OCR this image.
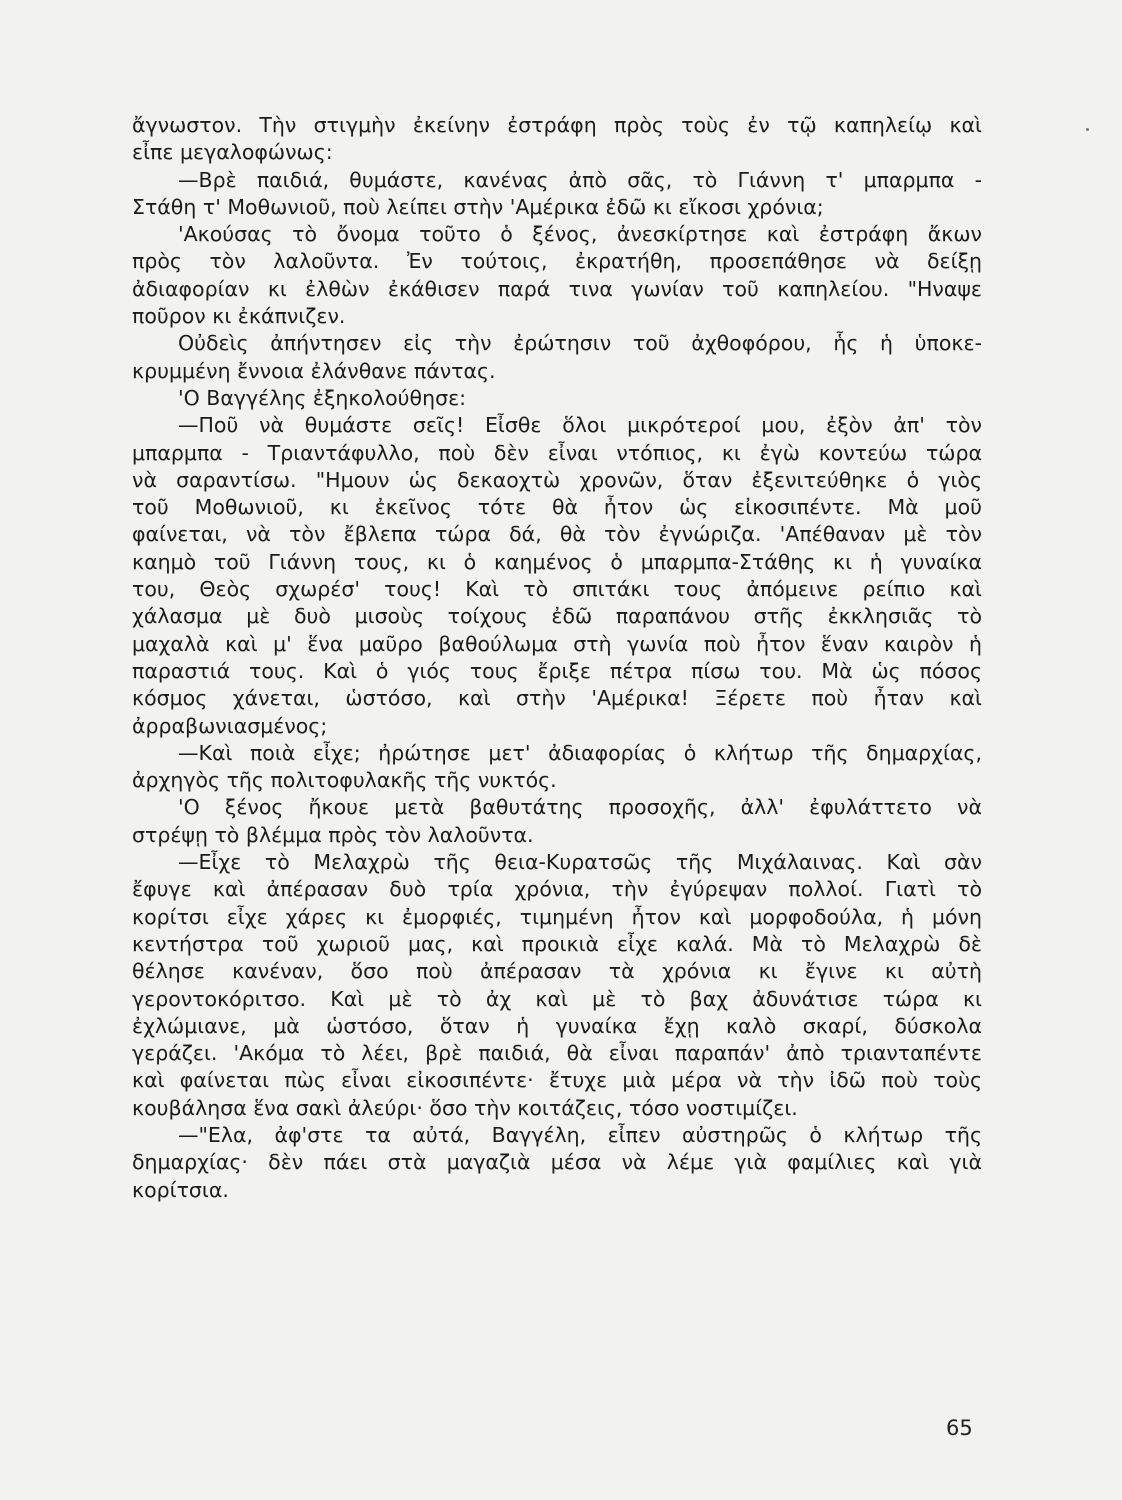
ἄγνωστον. Τὴν στιγμὴν ἐκείνην ἐστράφη πρὸς τοὺς ἐν τῷ καπηλείῳ καὶ
εἶπε μεγαλοφώνως:
—Βρὲ παιδιά, θυμάστε, κανένας ἀπὸ σᾶς, τὸ Γιάννη τ' μπαρμπα -
Στάθη τ' Μοθωνιοῦ, ποὺ λείπει στὴν 'Αμέρικα ἐδῶ κι εἴκοσι χρόνια;
'Ακούσας τὸ ὄνομα τοῦτο ὁ ξένος, ἀνεσκίρτησε καὶ ἐστράφη ἄκων
πρὸς τὸν λαλοῦντα. Ἐν τούτοις, ἐκρατήθη, προσεπάθησε νὰ δείξῃ
ἀδιαφορίαν κι ἐλθὼν ἐκάθισεν παρά τινα γωνίαν τοῦ καπηλείου. "Ηναψε
ποῦρον κι ἐκάπνιζεν.
Οὐδεὶς ἀπήντησεν εἰς τὴν ἐρώτησιν τοῦ ἀχθοφόρου, ἧς ἡ ὑποκε-
κρυμμένη ἔννοια ἐλάνθανε πάντας.
'Ο Βαγγέλης ἐξηκολούθησε:
—Ποῦ νὰ θυμάστε σεῖς! Εἶσθε ὅλοι μικρότεροί μου, ἐξὸν ἀπ' τὸν
μπαρμπα - Τριαντάφυλλο, ποὺ δὲν εἶναι ντόπιος, κι ἐγὼ κοντεύω τώρα
νὰ σαραντίσω. "Ημουν ὡς δεκαοχτὼ χρονῶν, ὅταν ἐξενιτεύθηκε ὁ γιὸς
τοῦ Μοθωνιοῦ, κι ἐκεῖνος τότε θὰ ἦτον ὡς εἰκοσιπέντε. Μὰ μοῦ
φαίνεται, νὰ τὸν ἔβλεπα τώρα δά, θὰ τὸν ἐγνώριζα. 'Απέθαναν μὲ τὸν
καημὸ τοῦ Γιάννη τους, κι ὁ καημένος ὁ μπαρμπα-Στάθης κι ἡ γυναίκα
του, Θεὸς σχωρέσ' τους! Καὶ τὸ σπιτάκι τους ἀπόμεινε ρείπιο καὶ
χάλασμα μὲ δυὸ μισοὺς τοίχους ἐδῶ παραπάνου στῆς ἐκκλησιᾶς τὸ
μαχαλὰ καὶ μ' ἕνα μαῦρο βαθούλωμα στὴ γωνία ποὺ ἦτον ἕναν καιρὸν ἡ
παραστιά τους. Καὶ ὁ γιός τους ἔριξε πέτρα πίσω του. Μὰ ὡς πόσος
κόσμος χάνεται, ὡστόσο, καὶ στὴν 'Αμέρικα! Ξέρετε ποὺ ἦταν καὶ
ἀρραβωνιασμένος;
—Καὶ ποιὰ εἶχε; ἠρώτησε μετ' ἀδιαφορίας ὁ κλήτωρ τῆς δημαρχίας,
ἀρχηγὸς τῆς πολιτοφυλακῆς τῆς νυκτός.
'Ο ξένος ἤκουε μετὰ βαθυτάτης προσοχῆς, ἀλλ' ἐφυλάττετο νὰ
στρέψῃ τὸ βλέμμα πρὸς τὸν λαλοῦντα.
—Εἶχε τὸ Μελαχρὼ τῆς θεια-Κυρατσῶς τῆς Μιχάλαινας. Καὶ σὰν
ἔφυγε καὶ ἀπέρασαν δυὸ τρία χρόνια, τὴν ἐγύρεψαν πολλοί. Γιατὶ τὸ
κορίτσι εἶχε χάρες κι ἐμορφιές, τιμημένη ἦτον καὶ μορφοδούλα, ἡ μόνη
κεντήστρα τοῦ χωριοῦ μας, καὶ προικιὰ εἶχε καλά. Μὰ τὸ Μελαχρὼ δὲ
θέλησε κανέναν, ὅσο ποὺ ἀπέρασαν τὰ χρόνια κι ἔγινε κι αὐτὴ
γεροντοκόριτσο. Καὶ μὲ τὸ ἀχ καὶ μὲ τὸ βαχ ἀδυνάτισε τώρα κι
ἐχλώμιανε, μὰ ὡστόσο, ὅταν ἡ γυναίκα ἔχῃ καλὸ σκαρί, δύσκολα
γεράζει. 'Ακόμα τὸ λέει, βρὲ παιδιά, θὰ εἶναι παραπάν' ἀπὸ τριανταπέντε
καὶ φαίνεται πὼς εἶναι εἰκοσιπέντε· ἔτυχε μιὰ μέρα νὰ τὴν ἰδῶ ποὺ τοὺς
κουβάλησα ἕνα σακὶ ἀλεύρι· ὅσο τὴν κοιτάζεις, τόσο νοστιμίζει.
—"Ελα, ἀφ'στε τα αὐτά, Βαγγέλη, εἶπεν αὐστηρῶς ὁ κλήτωρ τῆς
δημαρχίας· δὲν πάει στὰ μαγαζιὰ μέσα νὰ λέμε γιὰ φαμίλιες καὶ γιὰ
κορίτσια.
65
